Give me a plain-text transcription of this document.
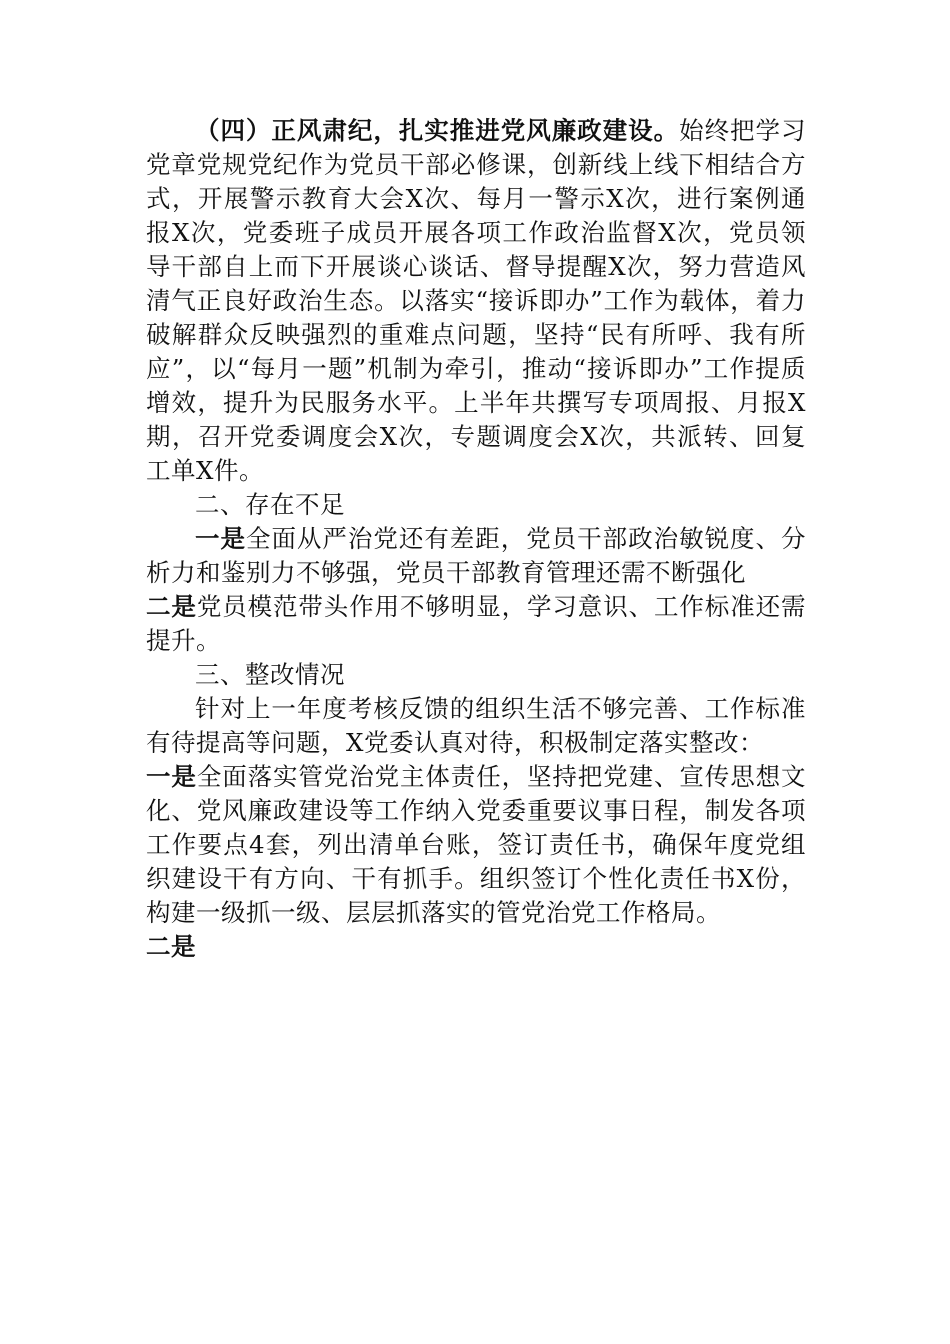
（四）正风肃纪，扎实推进党风廉政建设。始终把学习党章党规党纪作为党员干部必修课，创新线上线下相结合方式，开展警示教育大会X次、每月一警示X次，进行案例通报X次，党委班子成员开展各项工作政治监督X次，党员领导干部自上而下开展谈心谈话、督导提醒X次，努力营造风清气正良好政治生态。以落实“接诉即办”工作为载体，着力破解群众反映强烈的重难点问题，坚持“民有所呼、我有所应”，以“每月一题”机制为牵引，推动“接诉即办”工作提质增效，提升为民服务水平。上半年共撰写专项周报、月报X期，召开党委调度会X次，专题调度会X次，共派转、回复工单X件。

二、存在不足

一是全面从严治党还有差距，党员干部政治敏锐度、分析力和鉴别力不够强，党员干部教育管理还需不断强化
二是党员模范带头作用不够明显，学习意识、工作标准还需提升。

三、整改情况

针对上一年度考核反馈的组织生活不够完善、工作标准有待提高等问题，X党委认真对待，积极制定落实整改：

一是全面落实管党治党主体责任，坚持把党建、宣传思想文化、党风廉政建设等工作纳入党委重要议事日程，制发各项工作要点4套，列出清单台账，签订责任书，确保年度党组织建设干有方向、干有抓手。组织签订个性化责任书X份，构建一级抓一级、层层抓落实的管党治党工作格局。

二是
